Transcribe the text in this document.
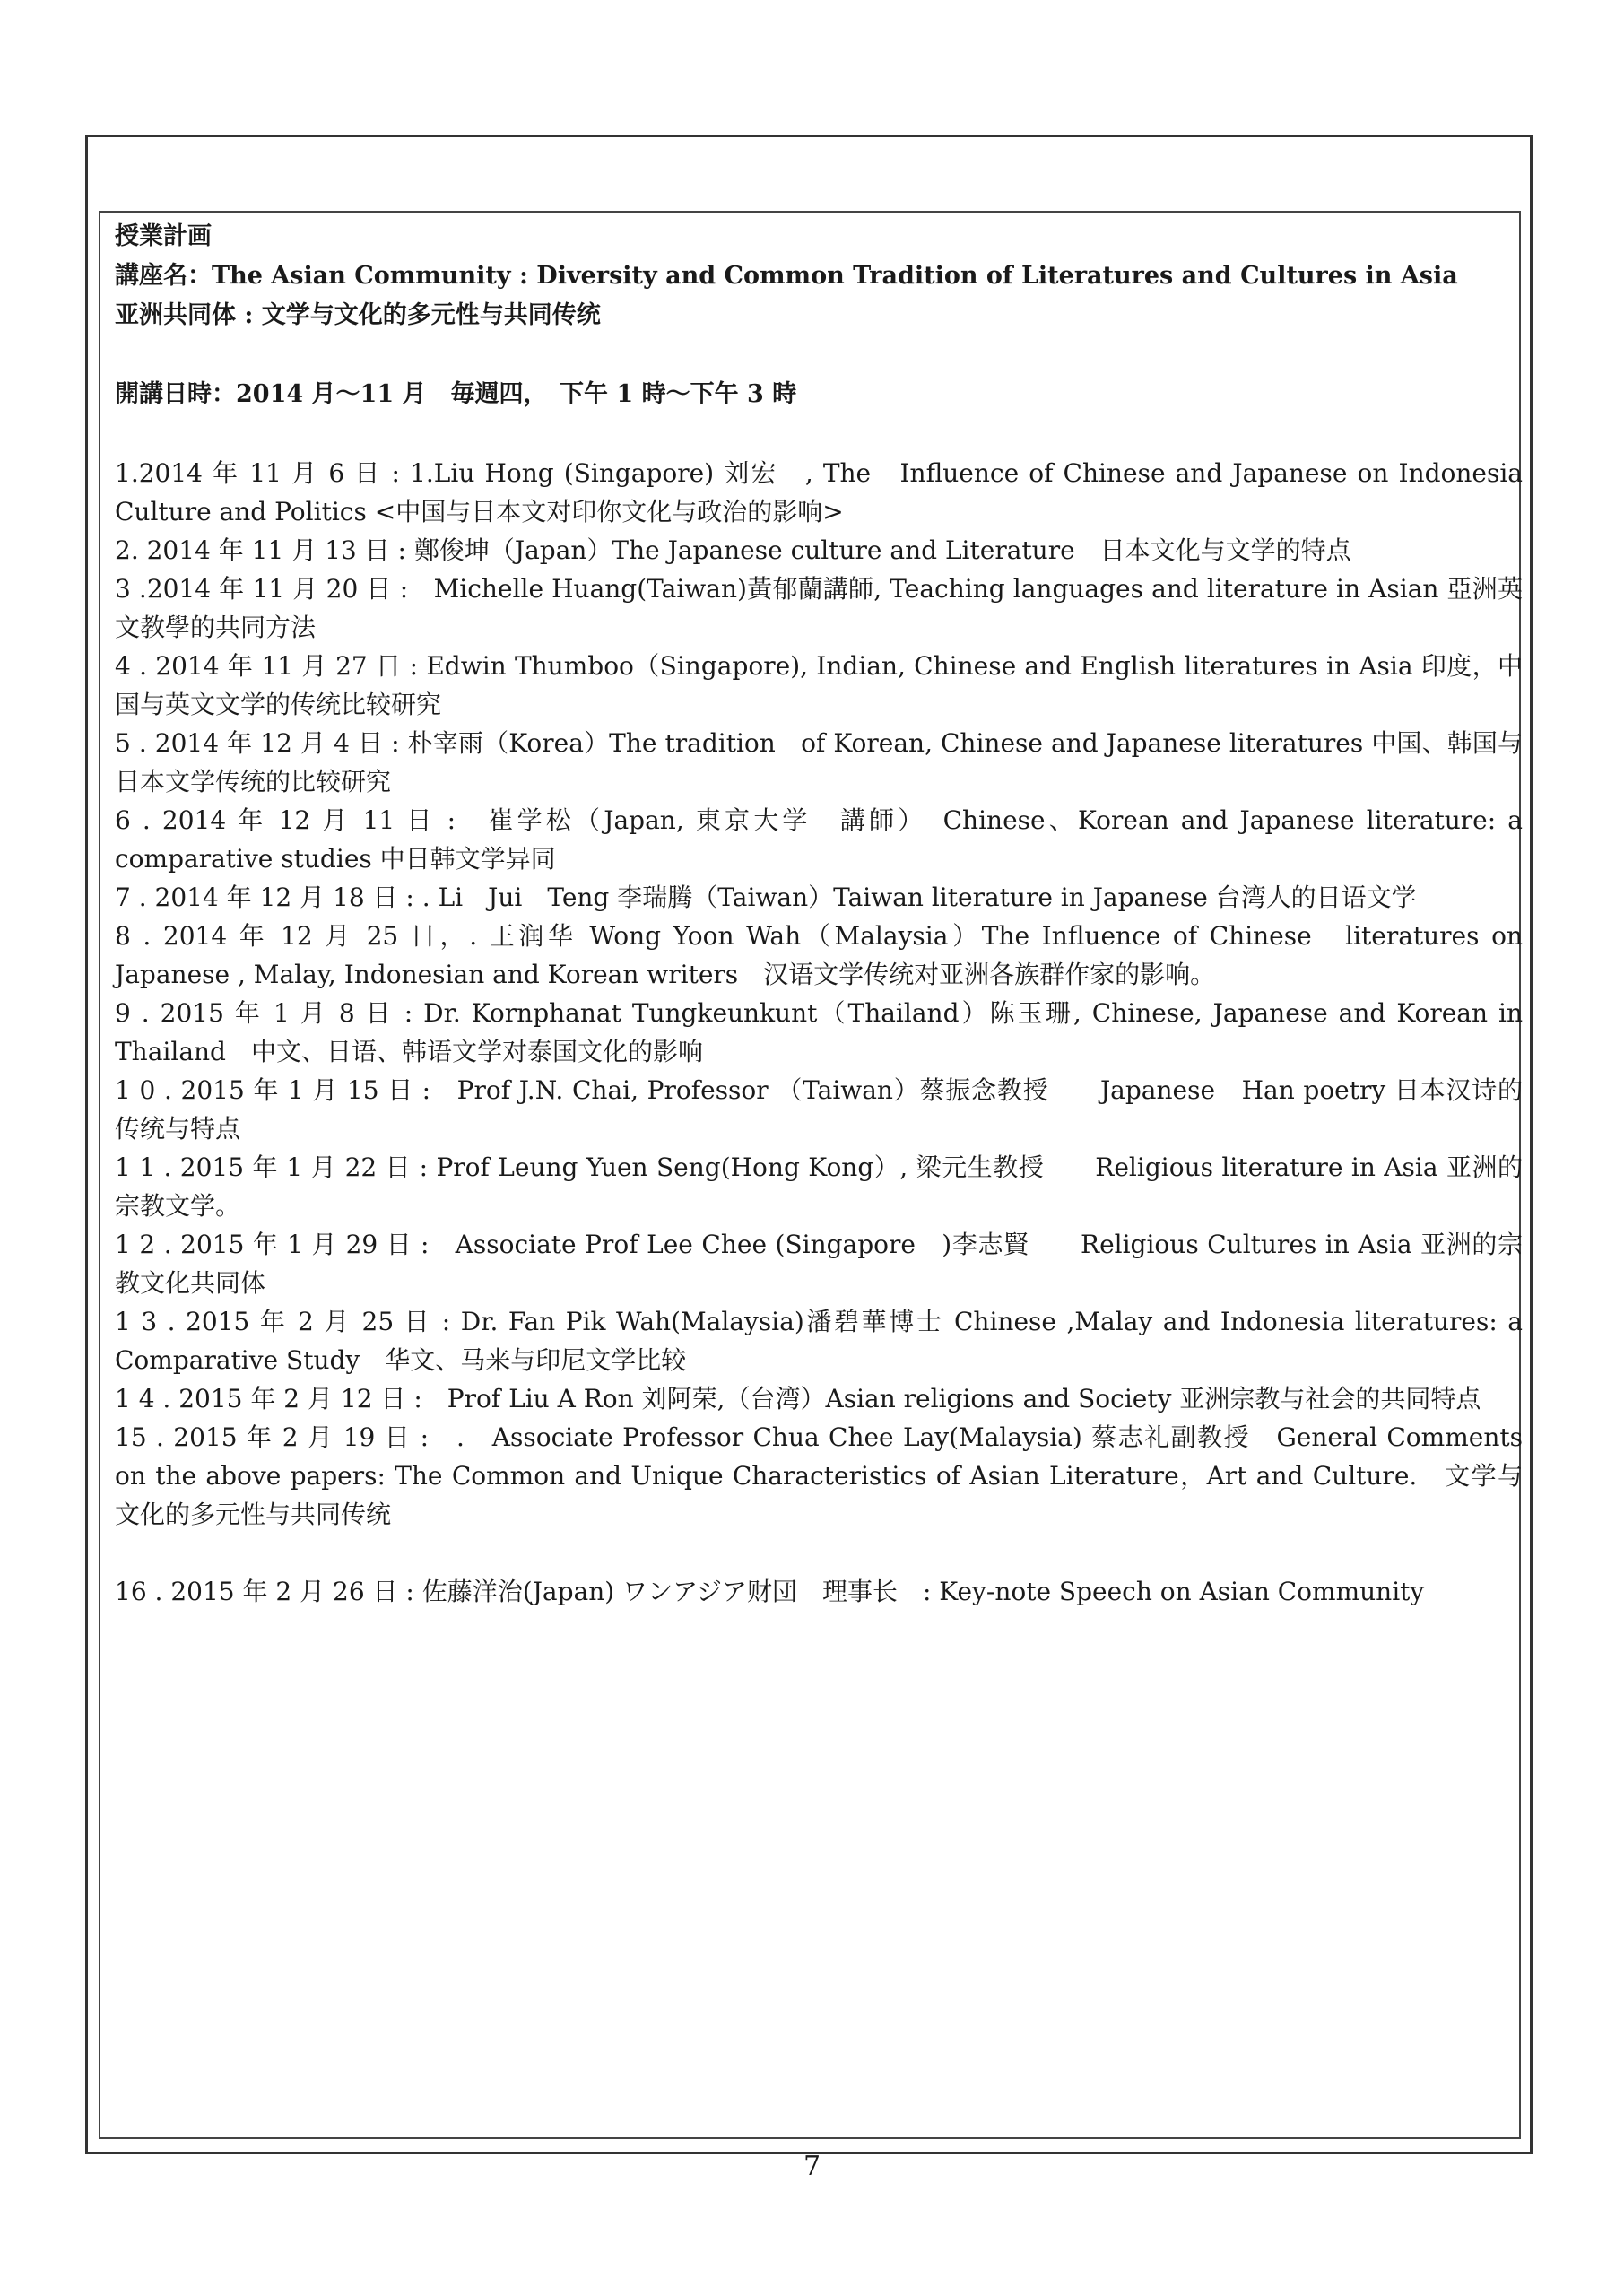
授業計画

講座名：The Asian Community : Diversity and Common Tradition of Literatures and Cultures in Asia

亚洲共同体 : 文学与文化的多元性与共同传统

開講日時：2014 月～11 月　毎週四，　下午 1 時～下午 3 時

1.2014 年 11 月 6 日 : 1.Liu Hong (Singapore) 刘宏　, The　Influence of Chinese and Japanese on Indonesia Culture and Politics <中国与日本文对印你文化与政治的影响>
2. 2014 年 11 月 13 日 : 鄭俊坤（Japan）The Japanese culture and Literature　日本文化与文学的特点
3 .2014 年 11 月 20 日 :　Michelle Huang(Taiwan)黃郁蘭講師, Teaching languages and literature in Asian 亞洲英文教學的共同方法
4 . 2014 年 11 月 27 日 : Edwin Thumboo（Singapore), Indian, Chinese and English literatures in Asia 印度，中国与英文文学的传统比较研究
5 . 2014 年 12 月 4 日 : 朴宰雨（Korea）The tradition　of Korean, Chinese and Japanese literatures 中国、韩国与日本文学传统的比较研究
6 . 2014 年 12 月 11 日 :　崔学松（Japan, 東京大学　講師）　Chinese、Korean and Japanese literature: a comparative studies 中日韩文学异同
7 . 2014 年 12 月 18 日 : . Li　Jui　Teng 李瑞腾（Taiwan）Taiwan literature in Japanese 台湾人的日语文学
8 . 2014 年 12 月 25 日，. 王润华 Wong Yoon Wah（Malaysia）The Influence of Chinese　literatures on Japanese , Malay, Indonesian and Korean writers　汉语文学传统对亚洲各族群作家的影响。
9 . 2015 年 1 月 8 日 : Dr. Kornphanat Tungkeunkunt（Thailand）陈玉珊, Chinese, Japanese and Korean in Thailand　中文、日语、韩语文学对泰国文化的影响
1 0 . 2015 年 1 月 15 日 :　Prof J.N. Chai, Professor （Taiwan）蔡振念教授　　Japanese　Han poetry 日本汉诗的传统与特点
1 1 . 2015 年 1 月 22 日 : Prof Leung Yuen Seng(Hong Kong）, 梁元生教授　　Religious literature in Asia 亚洲的宗教文学。
1 2 . 2015 年 1 月 29 日 :　Associate Prof Lee Chee (Singapore　)李志賢　　Religious Cultures in Asia 亚洲的宗教文化共同体
1 3 . 2015 年 2 月 25 日 : Dr. Fan Pik Wah(Malaysia)潘碧華博士 Chinese ,Malay and Indonesia literatures: a Comparative Study　华文、马来与印尼文学比较
1 4 . 2015 年 2 月 12 日 :　Prof Liu A Ron 刘阿荣,（台湾）Asian religions and Society 亚洲宗教与社会的共同特点
15 . 2015 年 2 月 19 日 :　.　Associate Professor Chua Chee Lay(Malaysia) 蔡志礼副教授　General Comments on the above papers: The Common and Unique Characteristics of Asian Literature，Art and Culture.　文学与文化的多元性与共同传统
16 . 2015 年 2 月 26 日 : 佐藤洋治(Japan) ワンアジア财団　理事长　: Key-note Speech on Asian Community
7
